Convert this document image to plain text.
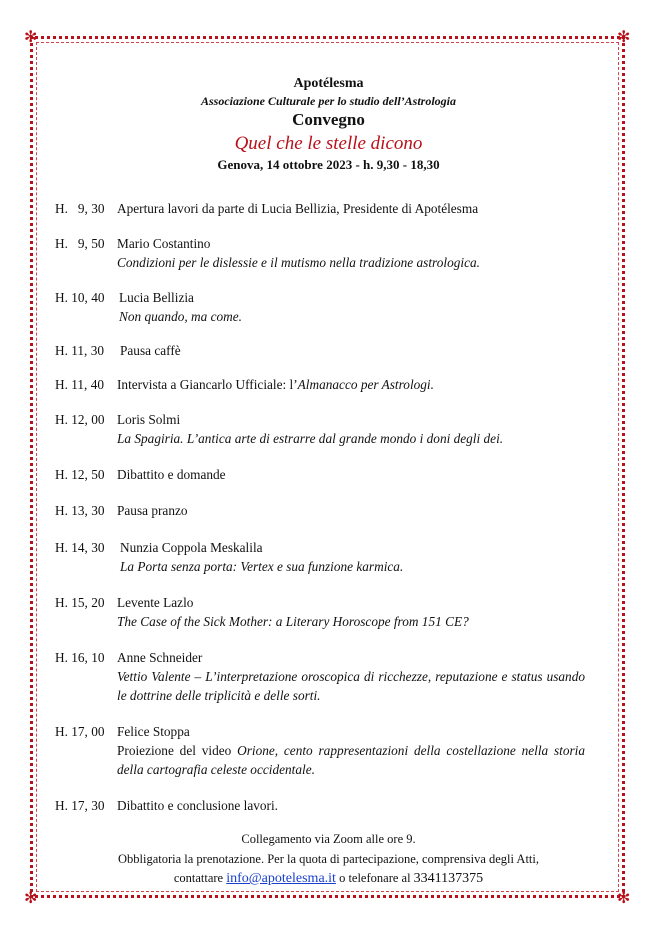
✻	✻
✻	✻
Apotélesma
Associazione Culturale per lo studio dell’Astrologia
Convegno
Quel che le stelle dicono
Genova, 14 ottobre 2023 - h. 9,30 - 18,30
H.   9, 30 Apertura lavori da parte di Lucia Bellizia, Presidente di Apotélesma
H.   9, 50 Mario Costantino
Condizioni per le dislessie e il mutismo nella tradizione astrologica.
H. 10, 40 Lucia Bellizia
Non quando, ma come.
H. 11, 30 Pausa caffè
H. 11, 40 Intervista a Giancarlo Ufficiale: l’Almanacco per Astrologi.
H. 12, 00 Loris Solmi
La Spagiria. L’antica arte di estrarre dal grande mondo i doni degli dei.
H. 12, 50 Dibattito e domande
H. 13, 30 Pausa pranzo
H. 14, 30 Nunzia Coppola Meskalila
La Porta senza porta: Vertex e sua funzione karmica.
H. 15, 20 Levente Lazlo
The Case of the Sick Mother: a Literary Horoscope from 151 CE?
H. 16, 10 Anne Schneider
Vettio Valente – L’interpretazione oroscopica di ricchezze, reputazione e status usando le dottrine delle triplicità e delle sorti.
H. 17, 00 Felice Stoppa
Proiezione del video Orione, cento rappresentazioni della costellazione nella storia della cartografia celeste occidentale.
H. 17, 30 Dibattito e conclusione lavori.
Collegamento via Zoom alle ore 9.
Obbligatoria la prenotazione. Per la quota di partecipazione, comprensiva degli Atti,
contattare info@apotelesma.it o telefonare al 3341137375
